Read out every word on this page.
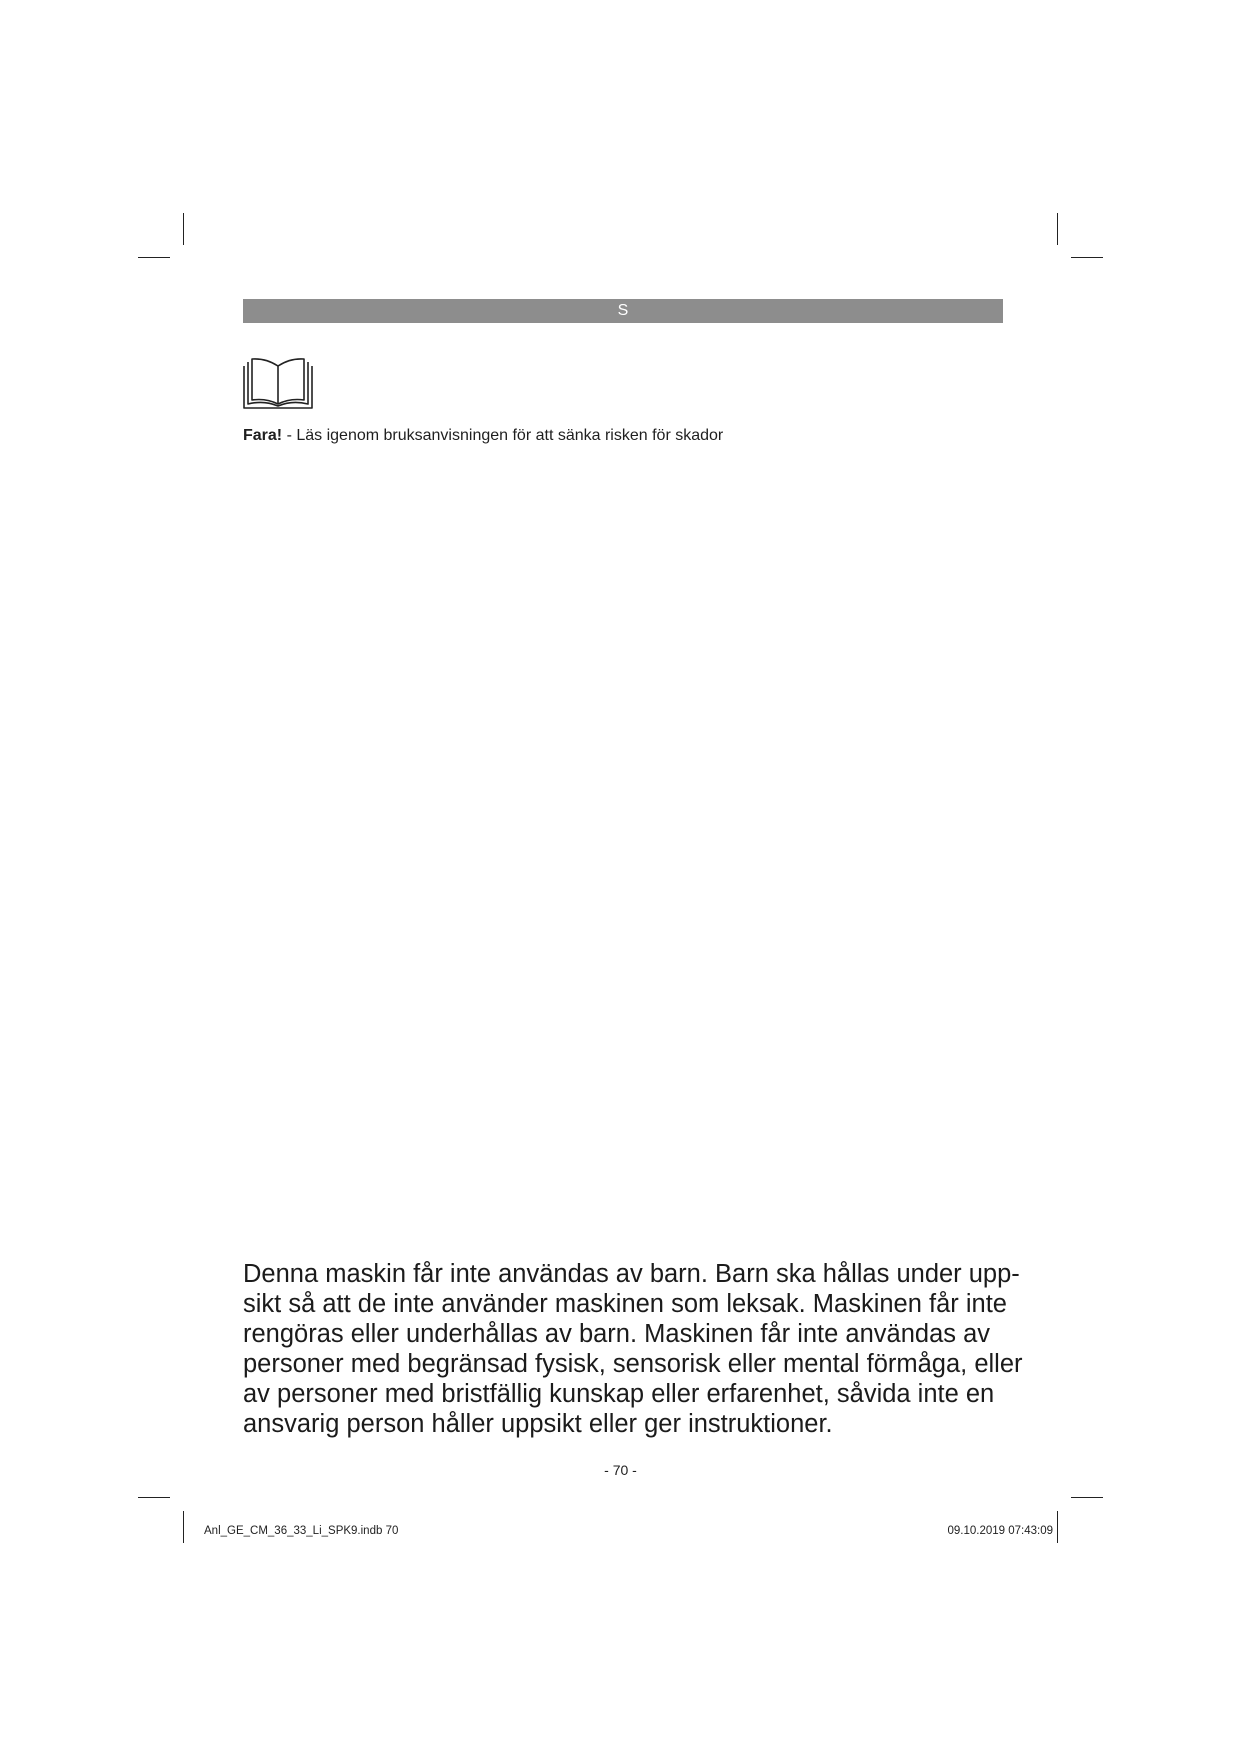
S
Fara! - Läs igenom bruksanvisningen för att sänka risken för skador
Denna maskin får inte användas av barn. Barn ska hållas under upp-
sikt så att de inte använder maskinen som leksak. Maskinen får inte
rengöras eller underhållas av barn. Maskinen får inte användas av
personer med begränsad fysisk, sensorisk eller mental förmåga, eller
av personer med bristfällig kunskap eller erfarenhet, såvida inte en
ansvarig person håller uppsikt eller ger instruktioner.
- 70 -
Anl_GE_CM_36_33_Li_SPK9.indb 70	09.10.2019 07:43:09
